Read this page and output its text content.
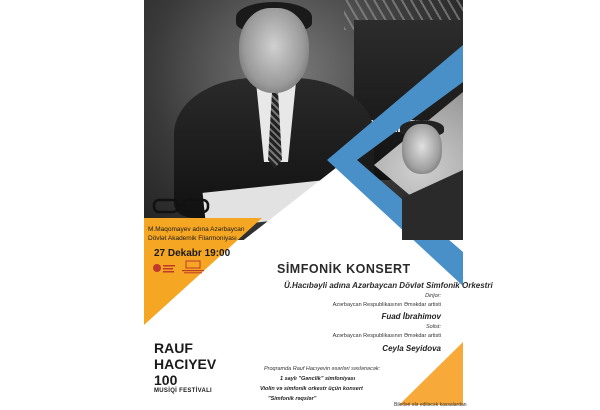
M.Maqomayev adına Azərbaycan
Dövlət Akademik Filarmoniyası
27 Dekabr 19:00
SİMFONİK KONSERT
Ü.Hacıbəyli adına Azərbaycan Dövlət Simfonik Orkestri
Dirijor:
Azərbaycan Respublikasının Əməkdar artisti
Fuad İbrahimov
Solist:
Azərbaycan Respublikasının Əməkdar artisti
Ceyla Seyidova
RAUF
HACIYEV
100
MUSİQİ FESTİVALI
Proqramda Rauf Hacıyevin əsərləri səslənəcək:
1 saylı "Gənclik" simfoniyası
Violin və simfonik orkestr üçün konsert
"Simfonik rəqslər"
Biletləri ələ ediləcək kassalardan
